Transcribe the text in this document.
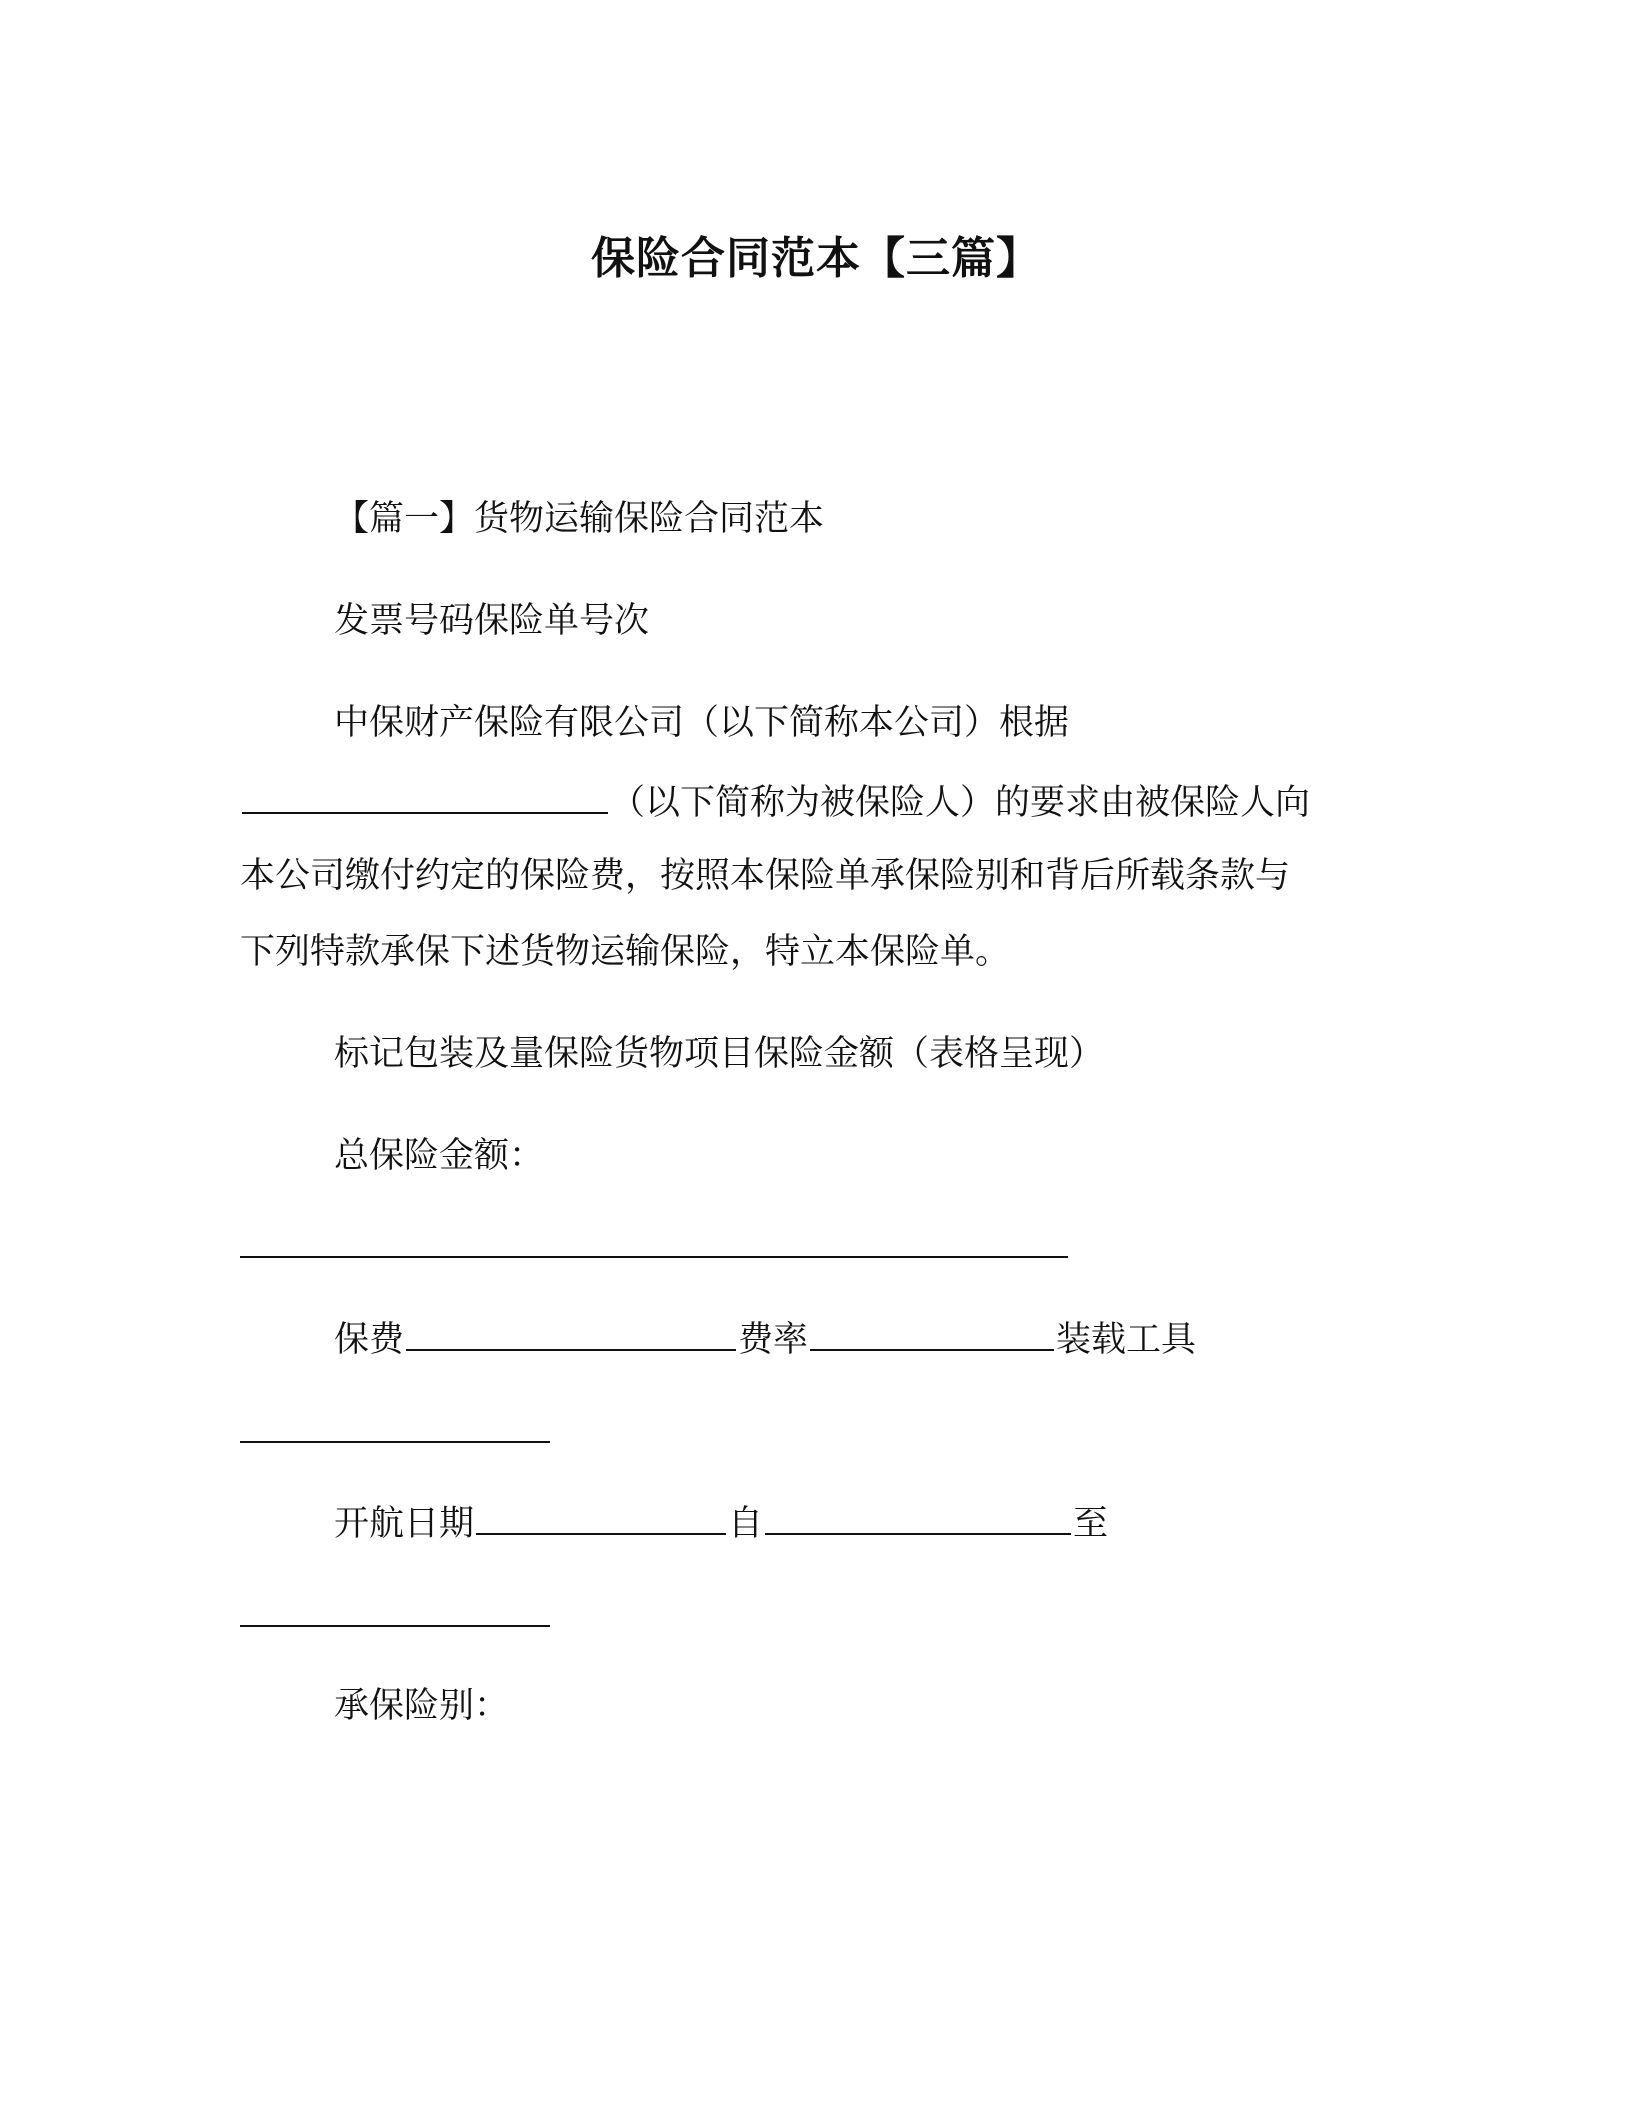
保险合同范本【三篇】
【篇一】货物运输保险合同范本
发票号码保险单号次
中保财产保险有限公司（以下简称本公司）根据
（以下简称为被保险人）的要求由被保险人向
本公司缴付约定的保险费，按照本保险单承保险别和背后所载条款与
下列特款承保下述货物运输保险，特立本保险单。
标记包装及量保险货物项目保险金额（表格呈现）
总保险金额：
保费	费率	装载工具
开航日期	自	至
承保险别：
